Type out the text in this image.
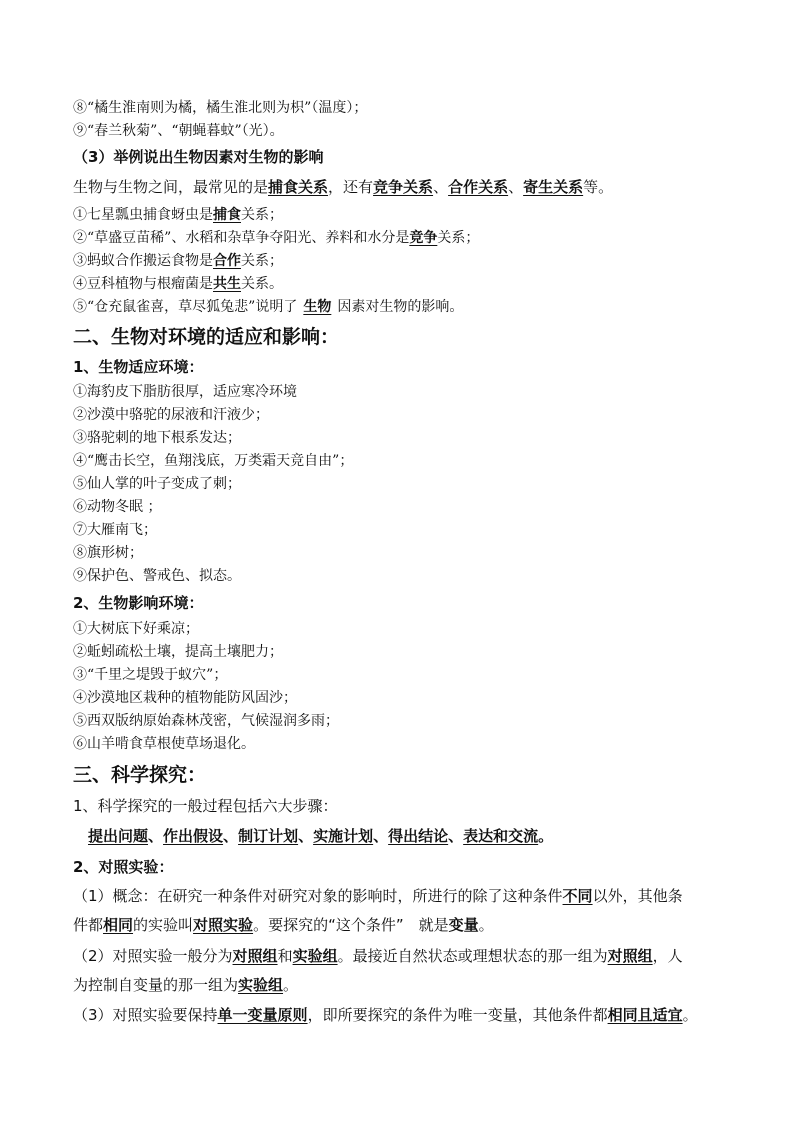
⑧“橘生淮南则为橘，橘生淮北则为枳”（温度）；
⑨“春兰秋菊”、“朝蝇暮蚊”（光）。
（3）举例说出生物因素对生物的影响
生物与生物之间，最常见的是捕食关系，还有竞争关系、合作关系、寄生关系等。
①七星瓢虫捕食蚜虫是捕食关系；
②“草盛豆苗稀”、水稻和杂草争夺阳光、养料和水分是竞争关系；
③蚂蚁合作搬运食物是合作关系；
④豆科植物与根瘤菌是共生关系。
⑤“仓充鼠雀喜，草尽狐兔悲”说明了 生物 因素对生物的影响。
二、生物对环境的适应和影响：
1、生物适应环境：
①海豹皮下脂肪很厚，适应寒冷环境
②沙漠中骆驼的尿液和汗液少；
③骆驼刺的地下根系发达；
④“鹰击长空，鱼翔浅底，万类霜天竞自由”；
⑤仙人掌的叶子变成了刺；
⑥动物冬眠 ；
⑦大雁南飞；
⑧旗形树；
⑨保护色、警戒色、拟态。
2、生物影响环境：
①大树底下好乘凉；
②蚯蚓疏松土壤，提高土壤肥力；
③“千里之堤毁于蚁穴”；
④沙漠地区栽种的植物能防风固沙；
⑤西双版纳原始森林茂密，气候湿润多雨；
⑥山羊啃食草根使草场退化。
三、科学探究：
1、科学探究的一般过程包括六大步骤：
提出问题、作出假设、制订计划、实施计划、得出结论、表达和交流。
2、对照实验：
（1）概念：在研究一种条件对研究对象的影响时，所进行的除了这种条件不同以外，其他条
件都相同的实验叫对照实验。要探究的“这个条件”　就是变量。
（2）对照实验一般分为对照组和实验组。最接近自然状态或理想状态的那一组为对照组，人
为控制自变量的那一组为实验组。
（3）对照实验要保持单一变量原则，即所要探究的条件为唯一变量，其他条件都相同且适宜。
